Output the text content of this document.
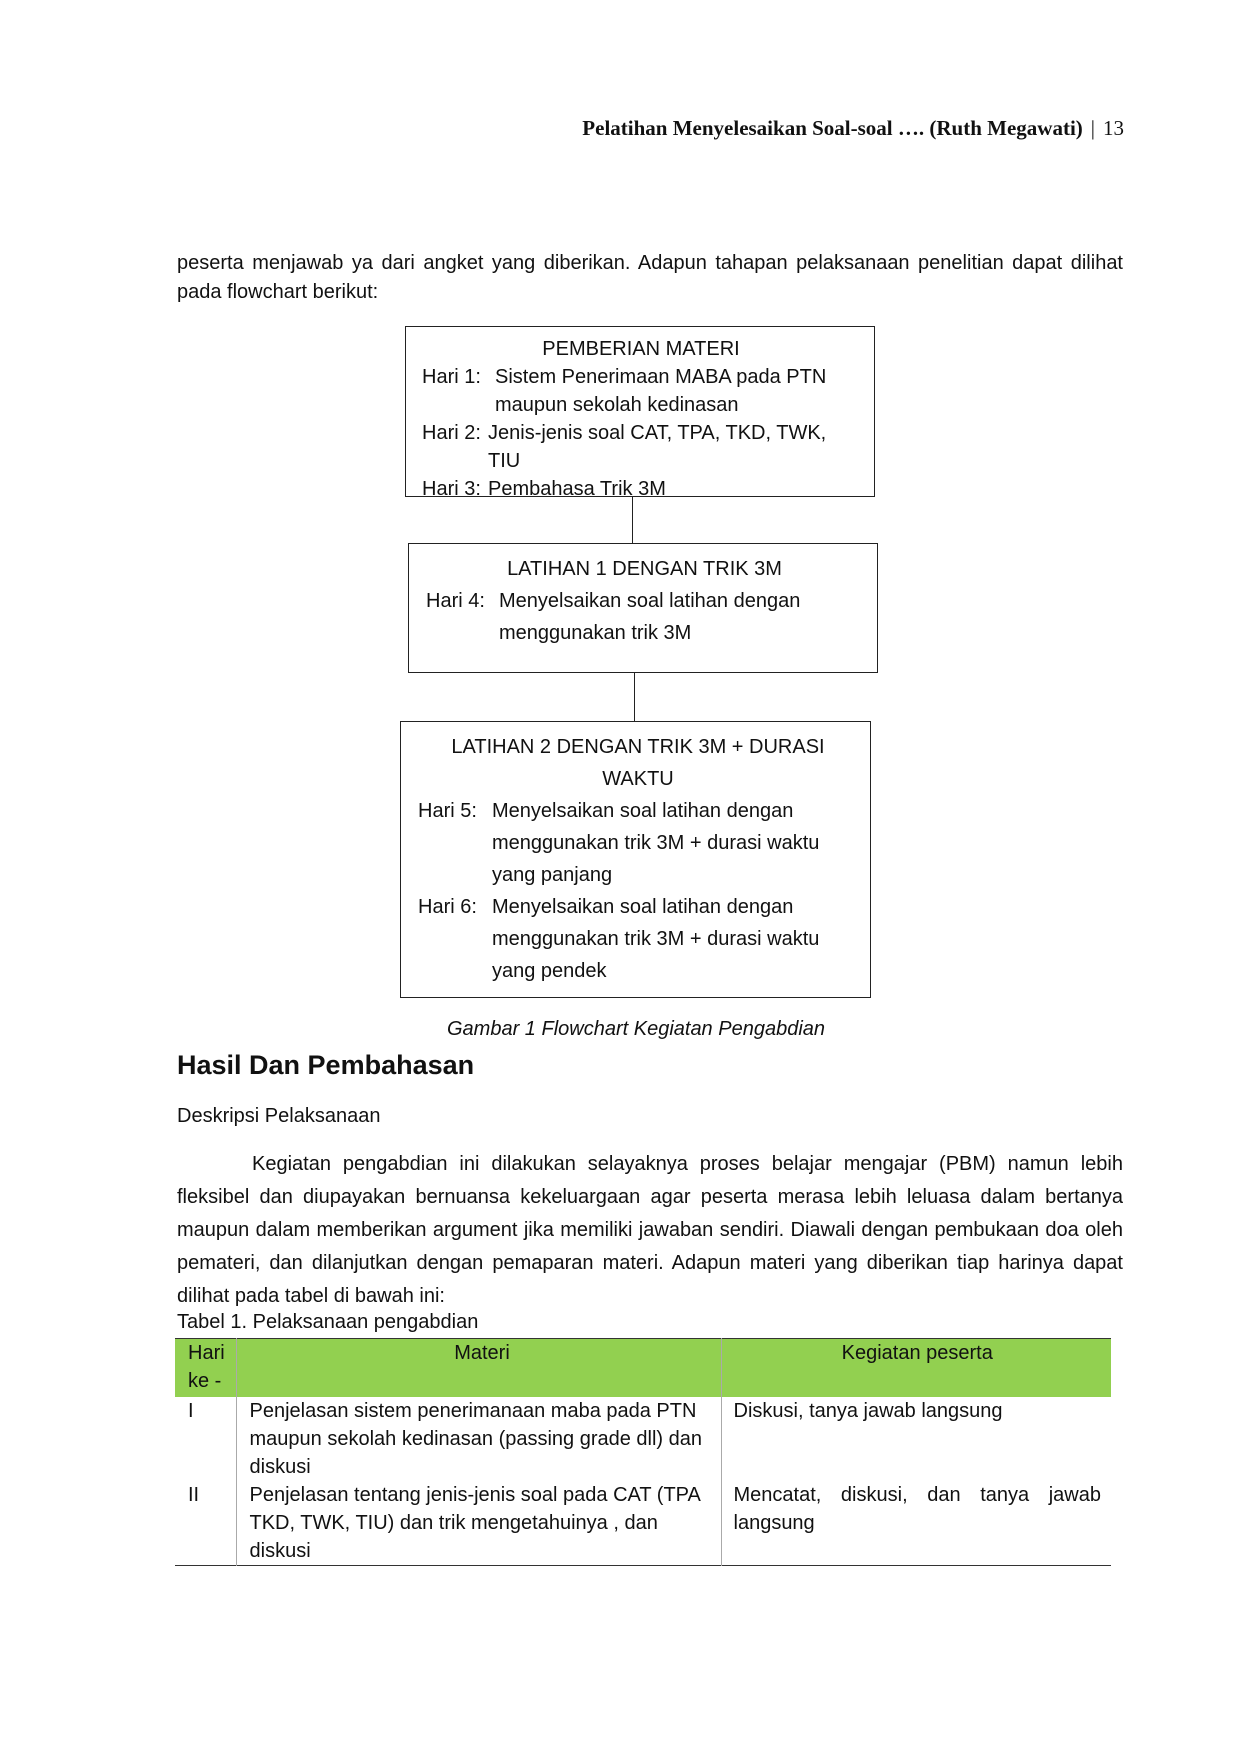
Pelatihan Menyelesaikan Soal-soal …. (Ruth Megawati) | 13
peserta menjawab ya dari angket yang diberikan. Adapun tahapan pelaksanaan penelitian dapat dilihat pada flowchart berikut:
PEMBERIAN MATERI
Hari 1: Sistem Penerimaan MABA pada PTN maupun sekolah kedinasan
Hari 2: Jenis-jenis soal CAT, TPA, TKD, TWK, TIU
Hari 3: Pembahasa Trik 3M
LATIHAN 1 DENGAN TRIK 3M
Hari 4: Menyelsaikan soal latihan dengan menggunakan trik 3M
LATIHAN 2 DENGAN TRIK 3M + DURASI WAKTU
Hari 5: Menyelsaikan soal latihan dengan menggunakan trik 3M + durasi waktu yang panjang
Hari 6: Menyelsaikan soal latihan dengan menggunakan trik 3M + durasi waktu yang pendek
Gambar 1 Flowchart Kegiatan Pengabdian
Hasil Dan Pembahasan
Deskripsi Pelaksanaan
Kegiatan pengabdian ini dilakukan selayaknya proses belajar mengajar (PBM) namun lebih fleksibel dan diupayakan bernuansa kekeluargaan agar peserta merasa lebih leluasa dalam bertanya maupun dalam memberikan argument jika memiliki jawaban sendiri. Diawali dengan pembukaan doa oleh pemateri, dan dilanjutkan dengan pemaparan materi. Adapun materi yang diberikan tiap harinya dapat dilihat pada tabel di bawah ini:
Tabel 1. Pelaksanaan pengabdian
Hari ke -	Materi	Kegiatan peserta
I	Penjelasan sistem penerimanaan maba pada PTN maupun sekolah kedinasan (passing grade dll) dan diskusi	Diskusi, tanya jawab langsung
II	Penjelasan tentang jenis-jenis soal pada CAT (TPA TKD, TWK, TIU) dan trik mengetahuinya , dan diskusi	Mencatat, diskusi, dan tanya jawab langsung
